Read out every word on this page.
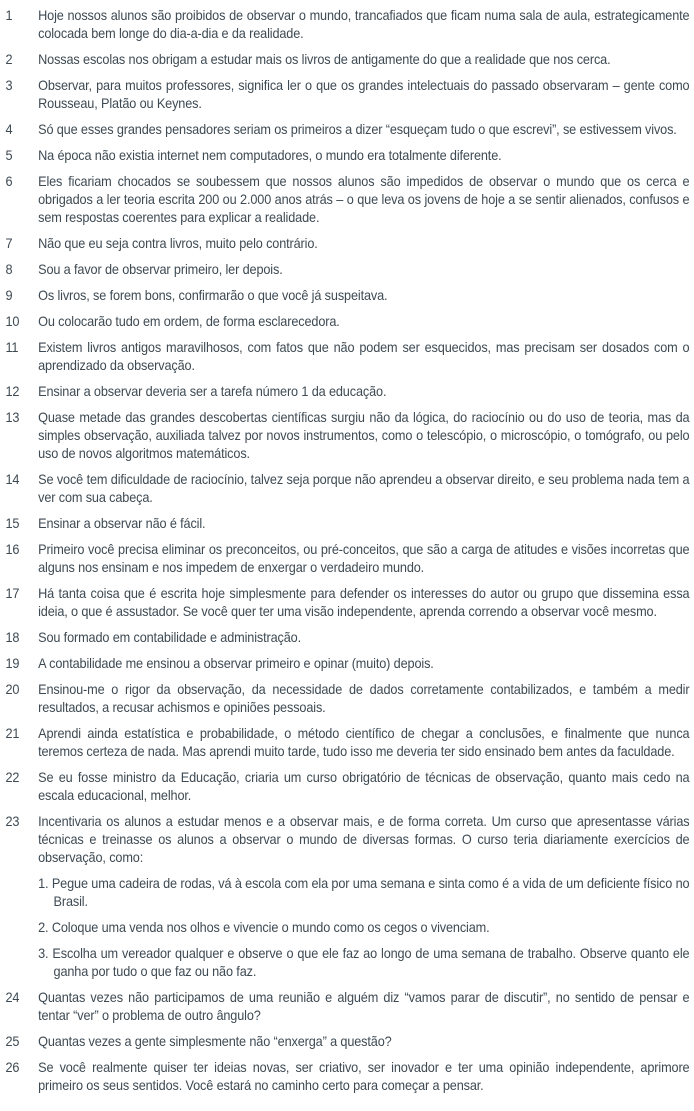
1	Hoje nossos alunos são proibidos de observar o mundo, trancafiados que ficam numa sala de aula, estrategicamente colocada bem longe do dia-a-dia e da realidade.

2	Nossas escolas nos obrigam a estudar mais os livros de antigamente do que a realidade que nos cerca.

3	Observar, para muitos professores, significa ler o que os grandes intelectuais do passado observaram – gente como Rousseau, Platão ou Keynes.

4	Só que esses grandes pensadores seriam os primeiros a dizer “esqueçam tudo o que escrevi”, se estivessem vivos.

5	Na época não existia internet nem computadores, o mundo era totalmente diferente.

6	Eles ficariam chocados se soubessem que nossos alunos são impedidos de observar o mundo que os cerca e obrigados a ler teoria escrita 200 ou 2.000 anos atrás – o que leva os jovens de hoje a se sentir alienados, confusos e sem respostas coerentes para explicar a realidade.

7	Não que eu seja contra livros, muito pelo contrário.

8	Sou a favor de observar primeiro, ler depois.

9	Os livros, se forem bons, confirmarão o que você já suspeitava.

10	Ou colocarão tudo em ordem, de forma esclarecedora.

11	Existem livros antigos maravilhosos, com fatos que não podem ser esquecidos, mas precisam ser dosados com o aprendizado da observação.

12	Ensinar a observar deveria ser a tarefa número 1 da educação.

13	Quase metade das grandes descobertas científicas surgiu não da lógica, do raciocínio ou do uso de teoria, mas da simples observação, auxiliada talvez por novos instrumentos, como o telescópio, o microscópio, o tomógrafo, ou pelo uso de novos algoritmos matemáticos.

14	Se você tem dificuldade de raciocínio, talvez seja porque não aprendeu a observar direito, e seu problema nada tem a ver com sua cabeça.

15	Ensinar a observar não é fácil.

16	Primeiro você precisa eliminar os preconceitos, ou pré-conceitos, que são a carga de atitudes e visões incorretas que alguns nos ensinam e nos impedem de enxergar o verdadeiro mundo.

17	Há tanta coisa que é escrita hoje simplesmente para defender os interesses do autor ou grupo que dissemina essa ideia, o que é assustador. Se você quer ter uma visão independente, aprenda correndo a observar você mesmo.

18	Sou formado em contabilidade e administração.

19	A contabilidade me ensinou a observar primeiro e opinar (muito) depois.

20	Ensinou-me o rigor da observação, da necessidade de dados corretamente contabilizados, e também a medir resultados, a recusar achismos e opiniões pessoais.

21	Aprendi ainda estatística e probabilidade, o método científico de chegar a conclusões, e finalmente que nunca teremos certeza de nada. Mas aprendi muito tarde, tudo isso me deveria ter sido ensinado bem antes da faculdade.

22	Se eu fosse ministro da Educação, criaria um curso obrigatório de técnicas de observação, quanto mais cedo na escala educacional, melhor.

23	Incentivaria os alunos a estudar menos e a observar mais, e de forma correta. Um curso que apresentasse várias técnicas e treinasse os alunos a observar o mundo de diversas formas. O curso teria diariamente exercícios de observação, como:

1. Pegue uma cadeira de rodas, vá à escola com ela por uma semana e sinta como é a vida de um deficiente físico no Brasil.

2. Coloque uma venda nos olhos e vivencie o mundo como os cegos o vivenciam.

3. Escolha um vereador qualquer e observe o que ele faz ao longo de uma semana de trabalho. Observe quanto ele ganha por tudo o que faz ou não faz.

24	Quantas vezes não participamos de uma reunião e alguém diz “vamos parar de discutir”, no sentido de pensar e tentar “ver” o problema de outro ângulo?

25	Quantas vezes a gente simplesmente não “enxerga” a questão?

26	Se você realmente quiser ter ideias novas, ser criativo, ser inovador e ter uma opinião independente, aprimore primeiro os seus sentidos. Você estará no caminho certo para começar a pensar.
